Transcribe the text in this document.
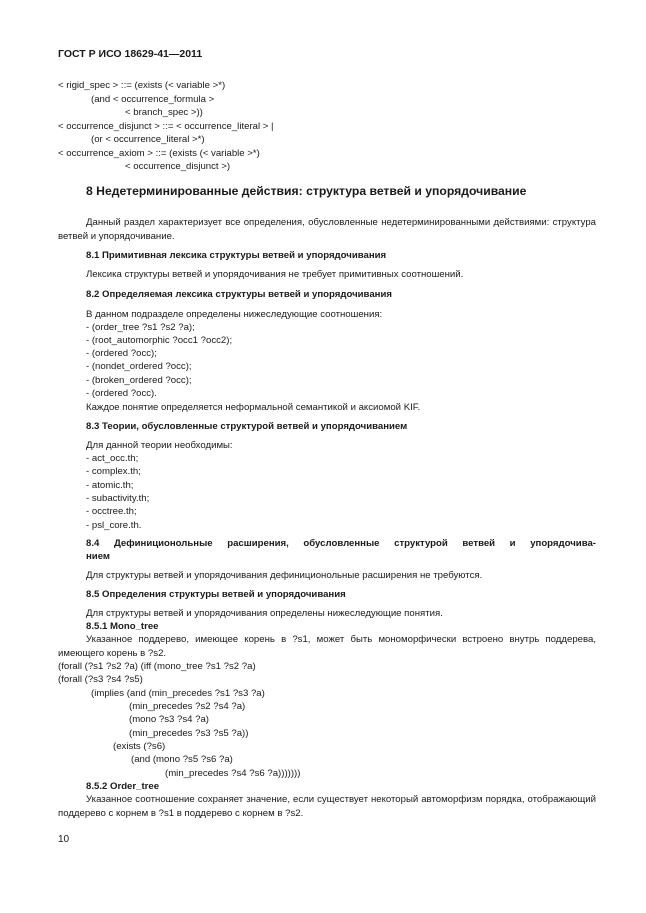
ГОСТ Р ИСО 18629-41—2011
< rigid_spec > ::= (exists (< variable >*)
(and < occurrence_formula >
< branch_spec >))
< occurrence_disjunct > ::= < occurrence_literal > |
(or < occurrence_literal >*)
< occurrence_axiom > ::= (exists (< variable >*)
< occurrence_disjunct >)
8 Недетерминированные действия: структура ветвей и упорядочивание
Данный раздел характеризует все определения, обусловленные недетерминированными действиями: структура ветвей и упорядочивание.
8.1 Примитивная лексика структуры ветвей и упорядочивания
Лексика структуры ветвей и упорядочивания не требует примитивных соотношений.
8.2 Определяемая лексика структуры ветвей и упорядочивания
В данном подразделе определены нижеследующие соотношения:
- (order_tree ?s1 ?s2 ?a);
- (root_automorphic ?occ1 ?occ2);
- (ordered ?occ);
- (nondet_ordered ?occ);
- (broken_ordered ?occ);
- (ordered ?occ).
Каждое понятие определяется неформальной семантикой и аксиомой KIF.
8.3 Теории, обусловленные структурой ветвей и упорядочиванием
Для данной теории необходимы:
- act_occ.th;
- complex.th;
- atomic.th;
- subactivity.th;
- occtree.th;
- psl_core.th.
8.4 Дефиниционольные расширения, обусловленные структурой ветвей и упорядочива-
нием
Для структуры ветвей и упорядочивания дефиниционольные расширения не требуются.
8.5 Определения структуры ветвей и упорядочивания
Для структуры ветвей и упорядочивания определены нижеследующие понятия.
8.5.1 Mono_tree
Указанное поддерево, имеющее корень в ?s1, может быть мономорфически встроено внутрь поддерева, имеющего корень в ?s2.
(forall (?s1 ?s2 ?a) (iff (mono_tree ?s1 ?s2 ?a)
(forall (?s3 ?s4 ?s5)
(implies (and (min_precedes ?s1 ?s3 ?a)
(min_precedes ?s2 ?s4 ?a)
(mono ?s3 ?s4 ?a)
(min_precedes ?s3 ?s5 ?a))
(exists (?s6)
(and (mono ?s5 ?s6 ?a)
(min_precedes ?s4 ?s6 ?a)))))))
8.5.2 Order_tree
Указанное соотношение сохраняет значение, если существует некоторый автоморфизм порядка, отображающий поддерево с корнем в ?s1 в поддерево с корнем в ?s2.
10
